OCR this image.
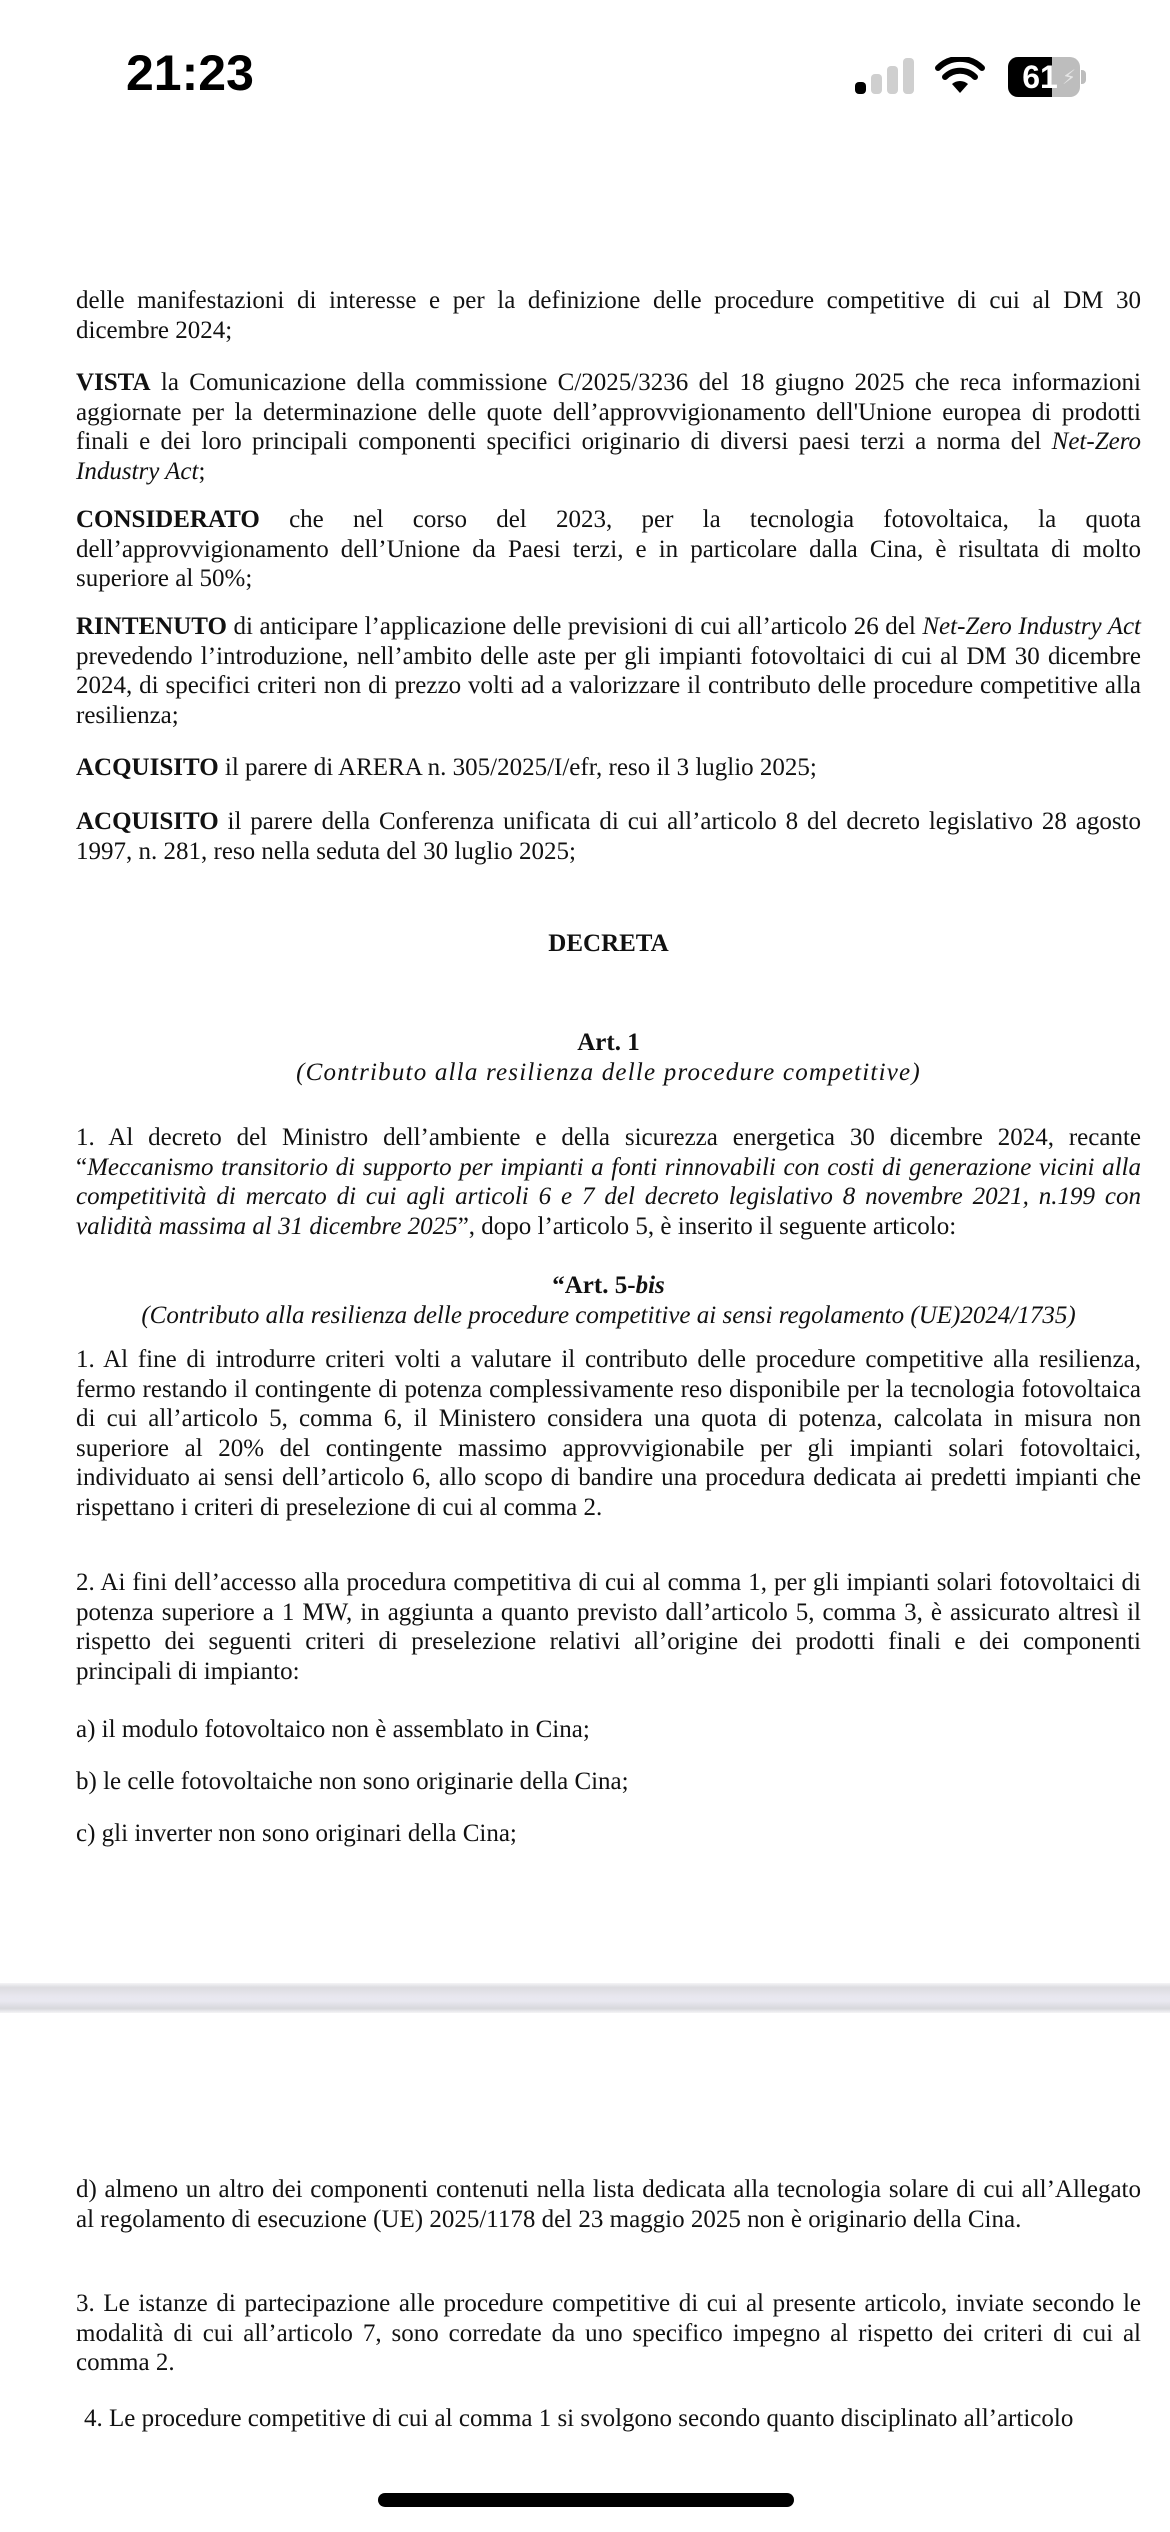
21:23	61 ⚡

delle manifestazioni di interesse e per la definizione delle procedure competitive di cui al DM 30 dicembre 2024;

VISTA la Comunicazione della commissione C/2025/3236 del 18 giugno 2025 che reca informazioni aggiornate per la determinazione delle quote dell’approvvigionamento dell'Unione europea di prodotti finali e dei loro principali componenti specifici originario di diversi paesi terzi a norma del Net-Zero Industry Act;

CONSIDERATO che nel corso del 2023, per la tecnologia fotovoltaica, la quota dell’approvvigionamento dell’Unione da Paesi terzi, e in particolare dalla Cina, è risultata di molto superiore al 50%;

RINTENUTO di anticipare l’applicazione delle previsioni di cui all’articolo 26 del Net-Zero Industry Act prevedendo l’introduzione, nell’ambito delle aste per gli impianti fotovoltaici di cui al DM 30 dicembre 2024, di specifici criteri non di prezzo volti ad a valorizzare il contributo delle procedure competitive alla resilienza;

ACQUISITO il parere di ARERA n. 305/2025/I/efr, reso il 3 luglio 2025;

ACQUISITO il parere della Conferenza unificata di cui all’articolo 8 del decreto legislativo 28 agosto 1997, n. 281, reso nella seduta del 30 luglio 2025;

DECRETA
Art. 1
(Contributo alla resilienza delle procedure competitive)

1. Al decreto del Ministro dell’ambiente e della sicurezza energetica 30 dicembre 2024, recante “Meccanismo transitorio di supporto per impianti a fonti rinnovabili con costi di generazione vicini alla competitività di mercato di cui agli articoli 6 e 7 del decreto legislativo 8 novembre 2021, n.199 con validità massima al 31 dicembre 2025”, dopo l’articolo 5, è inserito il seguente articolo:

“Art. 5-bis
(Contributo alla resilienza delle procedure competitive ai sensi regolamento (UE)2024/1735)

1. Al fine di introdurre criteri volti a valutare il contributo delle procedure competitive alla resilienza, fermo restando il contingente di potenza complessivamente reso disponibile per la tecnologia fotovoltaica di cui all’articolo 5, comma 6, il Ministero considera una quota di potenza, calcolata in misura non superiore al 20% del contingente massimo approvvigionabile per gli impianti solari fotovoltaici, individuato ai sensi dell’articolo 6, allo scopo di bandire una procedura dedicata ai predetti impianti che rispettano i criteri di preselezione di cui al comma 2.

2. Ai fini dell’accesso alla procedura competitiva di cui al comma 1, per gli impianti solari fotovoltaici di potenza superiore a 1 MW, in aggiunta a quanto previsto dall’articolo 5, comma 3, è assicurato altresì il rispetto dei seguenti criteri di preselezione relativi all’origine dei prodotti finali e dei componenti principali di impianto:

a) il modulo fotovoltaico non è assemblato in Cina;

b) le celle fotovoltaiche non sono originarie della Cina;

c) gli inverter non sono originari della Cina;

d) almeno un altro dei componenti contenuti nella lista dedicata alla tecnologia solare di cui all’Allegato al regolamento di esecuzione (UE) 2025/1178 del 23 maggio 2025 non è originario della Cina.

3. Le istanze di partecipazione alle procedure competitive di cui al presente articolo, inviate secondo le modalità di cui all’articolo 7, sono corredate da uno specifico impegno al rispetto dei criteri di cui al comma 2.

4. Le procedure competitive di cui al comma 1 si svolgono secondo quanto disciplinato all’articolo
